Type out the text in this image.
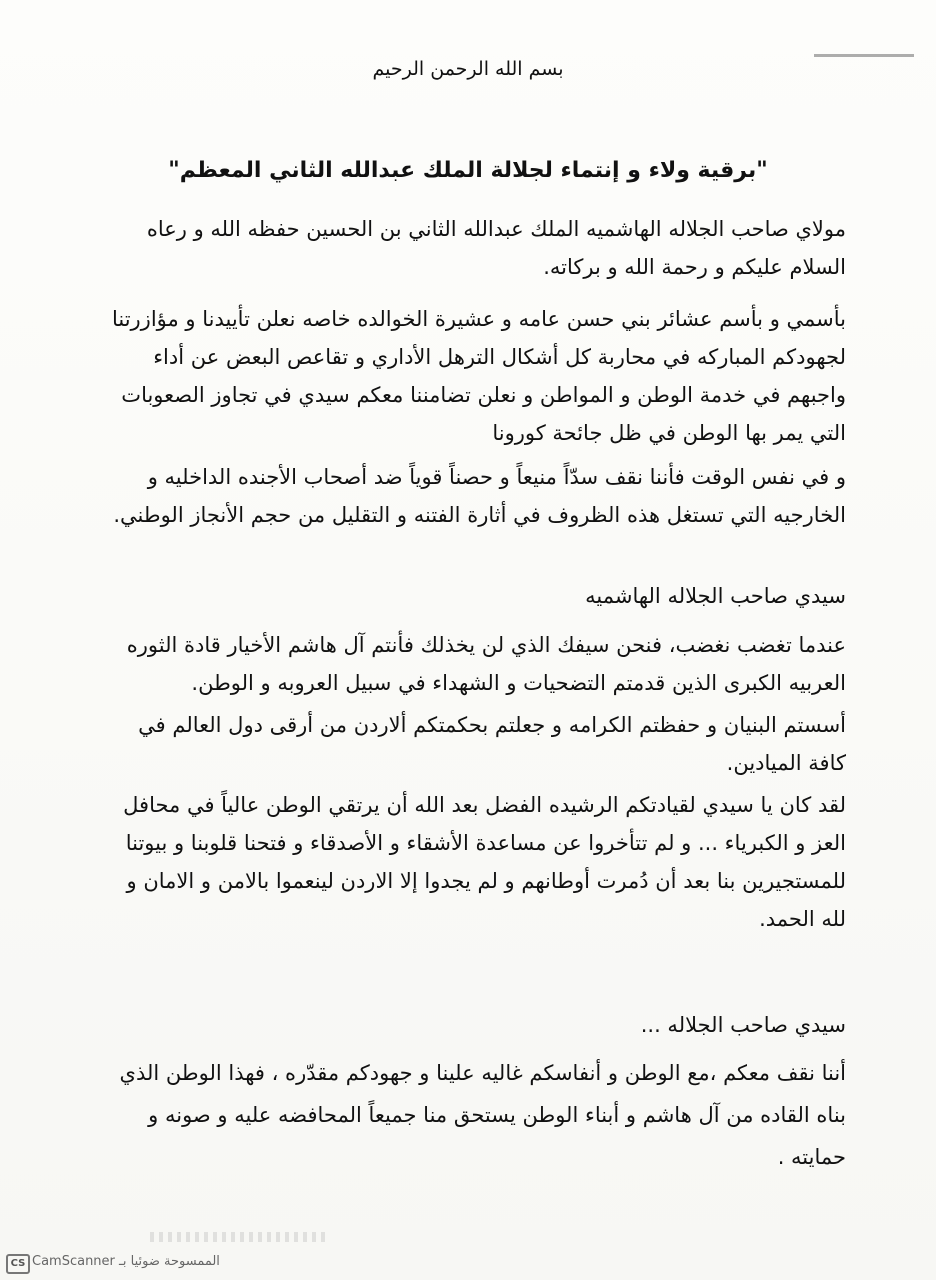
بسم الله الرحمن الرحيم
"برقية ولاء و إنتماء لجلالة الملك عبدالله الثاني المعظم"

مولاي صاحب الجلاله الهاشميه الملك عبدالله الثاني بن الحسين حفظه الله و رعاه السلام عليكم و رحمة الله و بركاته.

بأسمي و بأسم عشائر بني حسن عامه و عشيرة الخوالده خاصه نعلن تأييدنا و مؤازرتنا لجهودكم المباركه في محاربة كل أشكال الترهل الأداري و تقاعص البعض عن أداء واجبهم في خدمة الوطن و المواطن و نعلن تضامننا معكم سيدي في تجاوز الصعوبات التي يمر بها الوطن في ظل جائحة كورونا

و في نفس الوقت فأننا نقف سدّاً منيعاً و حصناً قوياً ضد أصحاب الأجنده الداخليه و الخارجيه التي تستغل هذه الظروف في أثارة الفتنه و التقليل من حجم الأنجاز الوطني.

سيدي صاحب الجلاله الهاشميه

عندما تغضب نغضب، فنحن سيفك الذي لن يخذلك فأنتم آل هاشم الأخيار قادة الثوره العربيه الكبرى الذين قدمتم التضحيات و الشهداء في سبيل العروبه و الوطن.

أسستم البنيان و حفظتم الكرامه و جعلتم بحكمتكم ألاردن من أرقى دول العالم في كافة الميادين.

لقد كان يا سيدي لقيادتكم الرشيده الفضل بعد الله أن يرتقي الوطن عالياً في محافل العز و الكبرياء ... و لم تتأخروا عن مساعدة الأشقاء و الأصدقاء و فتحنا قلوبنا و بيوتنا للمستجيرين بنا بعد أن دُمرت أوطانهم و لم يجدوا إلا الاردن لينعموا بالامن و الامان و لله الحمد.

سيدي صاحب الجلاله ...

أننا نقف معكم ،مع الوطن و أنفاسكم غاليه علينا و جهودكم مقدّره ، فهذا الوطن الذي بناه القاده من آل هاشم و أبناء الوطن يستحق منا جميعاً المحافضه عليه و صونه و حمايته .

CS CamScanner الممسوحة ضوئيا بـ
